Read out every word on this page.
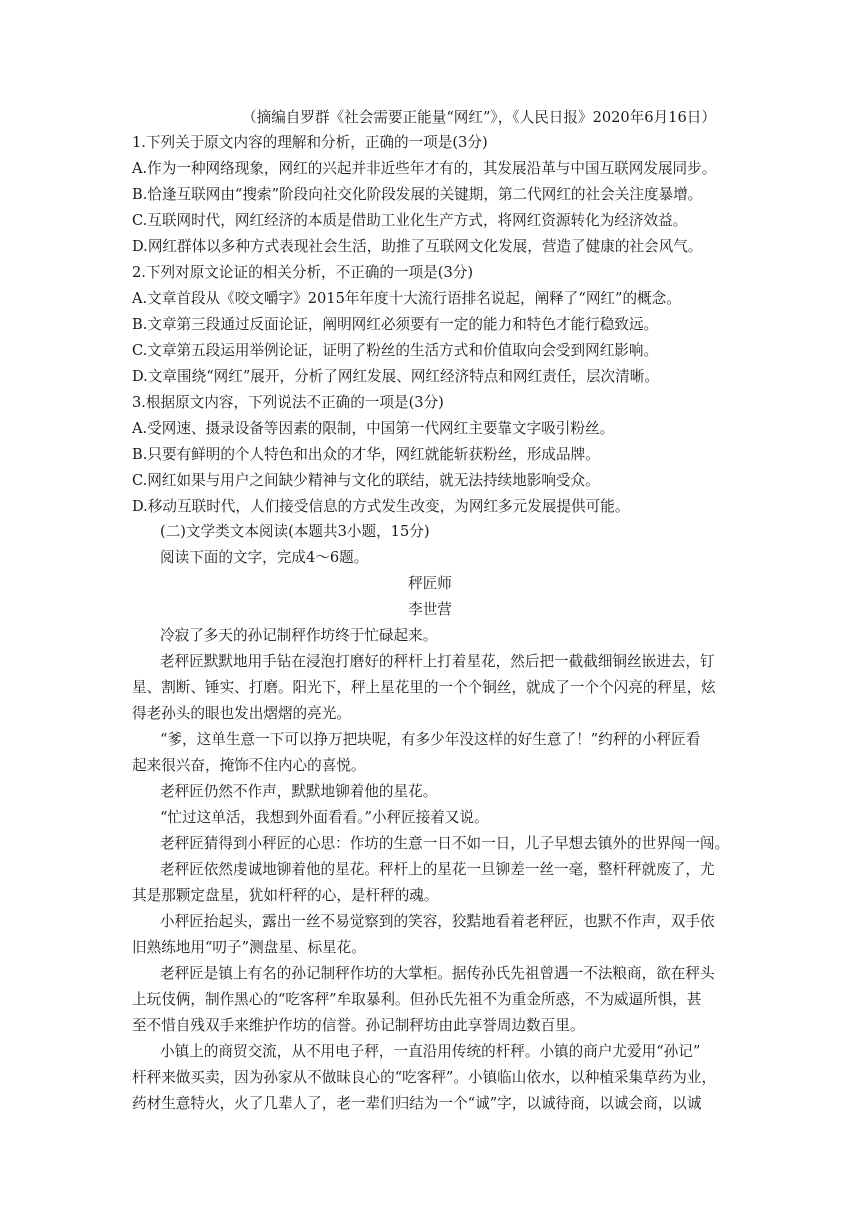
（摘编自罗群《社会需要正能量“网红”》，《人民日报》2020年6月16日）
1.下列关于原文内容的理解和分析，正确的一项是(3分)
A.作为一种网络现象，网红的兴起并非近些年才有的，其发展沿革与中国互联网发展同步。
B.恰逢互联网由“搜索”阶段向社交化阶段发展的关键期，第二代网红的社会关注度暴增。
C.互联网时代，网红经济的本质是借助工业化生产方式，将网红资源转化为经济效益。
D.网红群体以多种方式表现社会生活，助推了互联网文化发展，营造了健康的社会风气。
2.下列对原文论证的相关分析，不正确的一项是(3分)
A.文章首段从《咬文嚼字》2015年年度十大流行语排名说起，阐释了“网红”的概念。
B.文章第三段通过反面论证，阐明网红必须要有一定的能力和特色才能行稳致远。
C.文章第五段运用举例论证，证明了粉丝的生活方式和价值取向会受到网红影响。
D.文章围绕“网红”展开，分析了网红发展、网红经济特点和网红责任，层次清晰。
3.根据原文内容，下列说法不正确的一项是(3分)
A.受网速、摄录设备等因素的限制，中国第一代网红主要靠文字吸引粉丝。
B.只要有鲜明的个人特色和出众的才华，网红就能斩获粉丝，形成品牌。
C.网红如果与用户之间缺少精神与文化的联结，就无法持续地影响受众。
D.移动互联时代，人们接受信息的方式发生改变，为网红多元发展提供可能。
(二)文学类文本阅读(本题共3小题，15分)
阅读下面的文字，完成4～6题。
秤匠师
李世营
冷寂了多天的孙记制秤作坊终于忙碌起来。
老秤匠默默地用手钻在浸泡打磨好的秤杆上打着星花，然后把一截截细铜丝嵌进去，钉
星、割断、锤实、打磨。阳光下，秤上星花里的一个个铜丝，就成了一个个闪亮的秤星，炫
得老孙头的眼也发出熠熠的亮光。
“爹，这单生意一下可以挣万把块呢，有多少年没这样的好生意了！”约秤的小秤匠看
起来很兴奋，掩饰不住内心的喜悦。
老秤匠仍然不作声，默默地铆着他的星花。
“忙过这单活，我想到外面看看。”小秤匠接着又说。
老秤匠猜得到小秤匠的心思：作坊的生意一日不如一日，儿子早想去镇外的世界闯一闯。
老秤匠依然虔诚地铆着他的星花。秤杆上的星花一旦铆差一丝一毫，整杆秤就废了，尤
其是那颗定盘星，犹如杆秤的心，是杆秤的魂。
小秤匠抬起头，露出一丝不易觉察到的笑容，狡黠地看着老秤匠，也默不作声，双手依
旧熟练地用“叨子”测盘星、标星花。
老秤匠是镇上有名的孙记制秤作坊的大掌柜。据传孙氏先祖曾遇一不法粮商，欲在秤头
上玩伎俩，制作黑心的“吃客秤”牟取暴利。但孙氏先祖不为重金所惑，不为威逼所惧，甚
至不惜自残双手来维护作坊的信誉。孙记制秤坊由此享誉周边数百里。
小镇上的商贸交流，从不用电子秤，一直沿用传统的杆秤。小镇的商户尤爱用“孙记”
杆秤来做买卖，因为孙家从不做昧良心的“吃客秤”。小镇临山依水，以种植采集草药为业，
药材生意特火，火了几辈人了，老一辈们归结为一个“诚”字，以诚待商，以诚会商，以诚
